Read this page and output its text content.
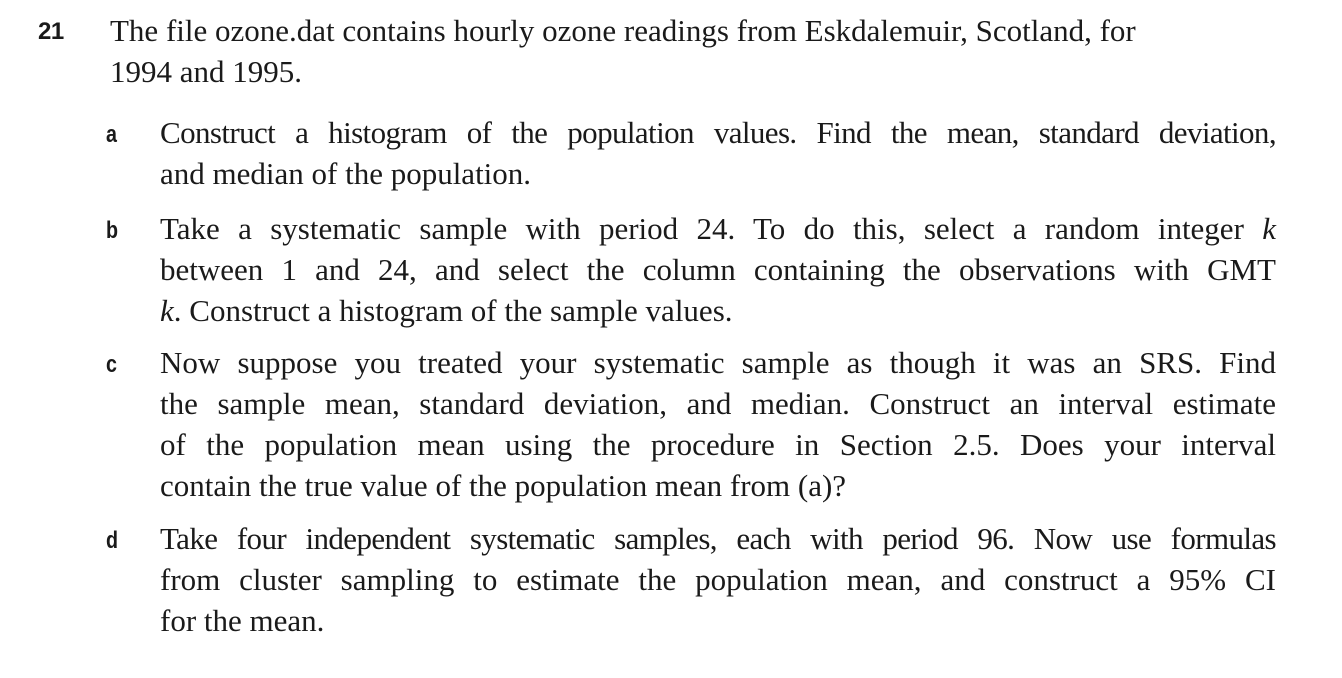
21 The file ozone.dat contains hourly ozone readings from Eskdalemuir, Scotland, for
1994 and 1995.
a Construct a histogram of the population values. Find the mean, standard deviation,
and median of the population.
b Take a systematic sample with period 24. To do this, select a random integer k
between 1 and 24, and select the column containing the observations with GMT
k. Construct a histogram of the sample values.
c Now suppose you treated your systematic sample as though it was an SRS. Find
the sample mean, standard deviation, and median. Construct an interval estimate
of the population mean using the procedure in Section 2.5. Does your interval
contain the true value of the population mean from (a)?
d Take four independent systematic samples, each with period 96. Now use formulas
from cluster sampling to estimate the population mean, and construct a 95% CI
for the mean.
